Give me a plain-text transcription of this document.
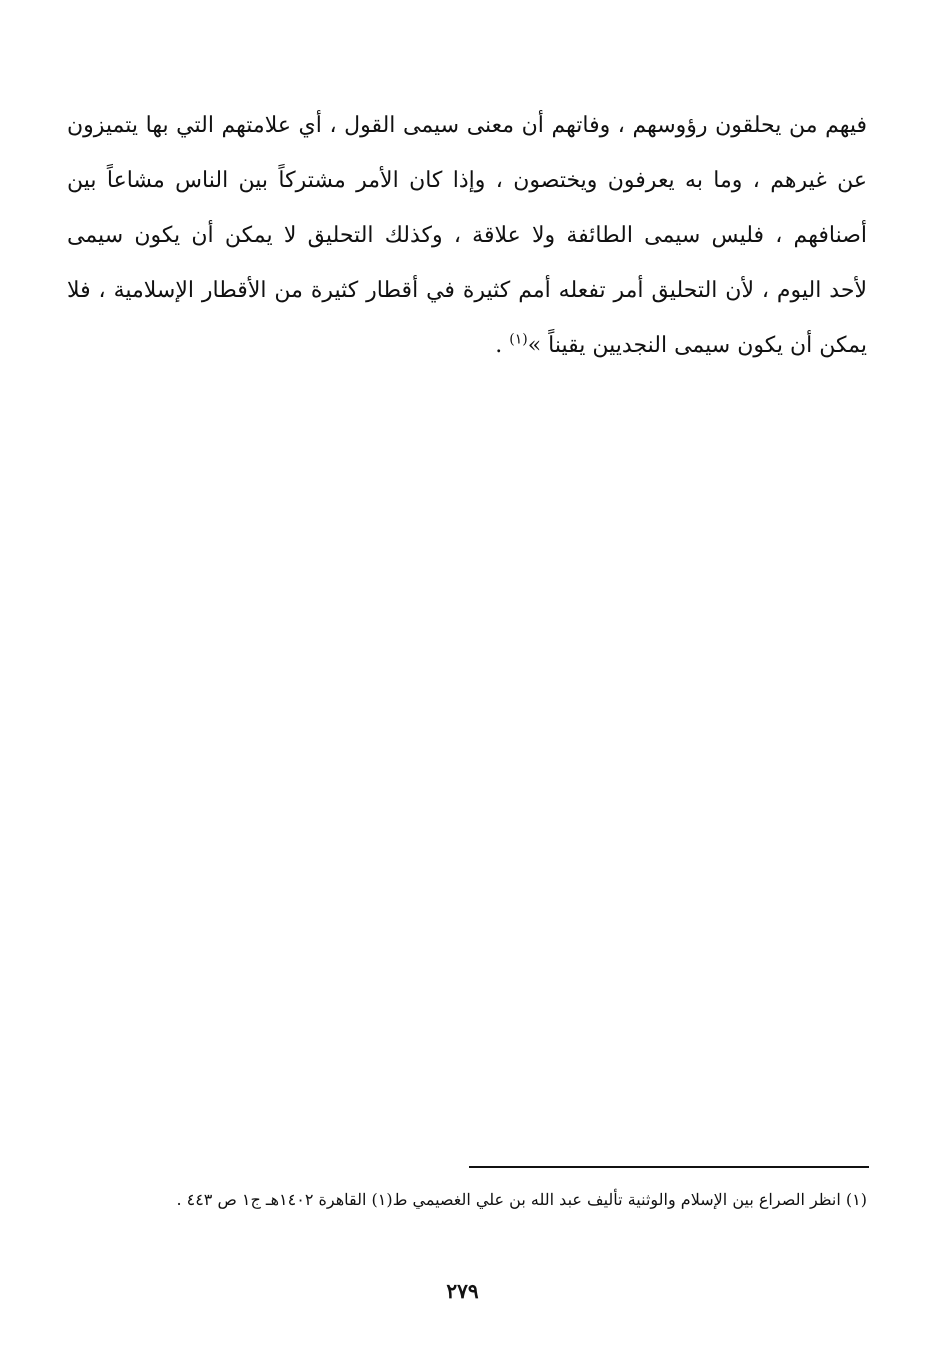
فيهم من يحلقون رؤوسهم ، وفاتهم أن معنى سيمى القول ، أي علامتهم التي بها يتميزون
عن غيرهم ، وما به يعرفون ويختصون ، وإذا كان الأمر مشتركاً بين الناس مشاعاً بين
أصنافهم ، فليس سيمى الطائفة ولا علاقة ، وكذلك التحليق لا يمكن أن يكون سيمى
لأحد اليوم ، لأن التحليق أمر تفعله أمم كثيرة في أقطار كثيرة من الأقطار الإسلامية ، فلا
يمكن أن يكون سيمى النجديين يقيناً »$^{(١)}$ .
(١) انظر الصراع بين الإسلام والوثنية تأليف عبد الله بن علي الغصيمي ط(١) القاهرة ١٤٠٢هـ ج١ ص ٤٤٣ .
٢٧٩
